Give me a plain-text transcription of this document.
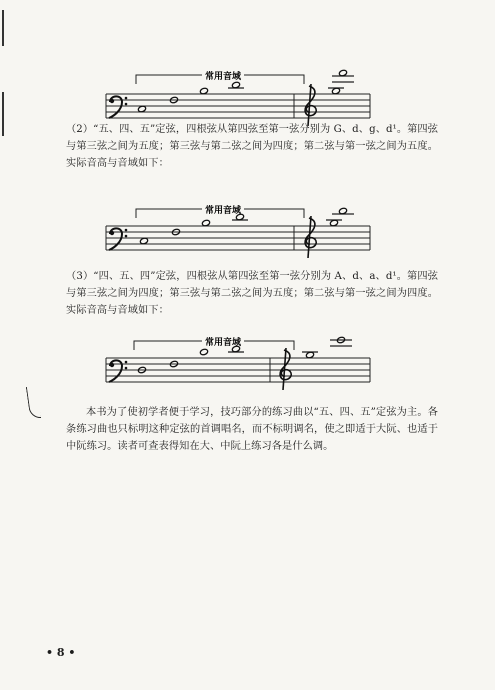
常用音域

（2）“五、四、五”定弦，四根弦从第四弦至第一弦分别为 G、d、g、d¹。第四弦与第三弦之间为五度；第三弦与第二弦之间为四度；第二弦与第一弦之间为五度。实际音高与音域如下：

常用音域

（3）“四、五、四”定弦，四根弦从第四弦至第一弦分别为 A、d、a、d¹。第四弦与第三弦之间为四度；第三弦与第二弦之间为五度；第二弦与第一弦之间为四度。实际音高与音域如下：

常用音域

本书为了使初学者便于学习，技巧部分的练习曲以“五、四、五”定弦为主。各条练习曲也只标明这种定弦的首调唱名，而不标明调名，使之即适于大阮、也适于中阮练习。读者可查表得知在大、中阮上练习各是什么调。

• 8 •
